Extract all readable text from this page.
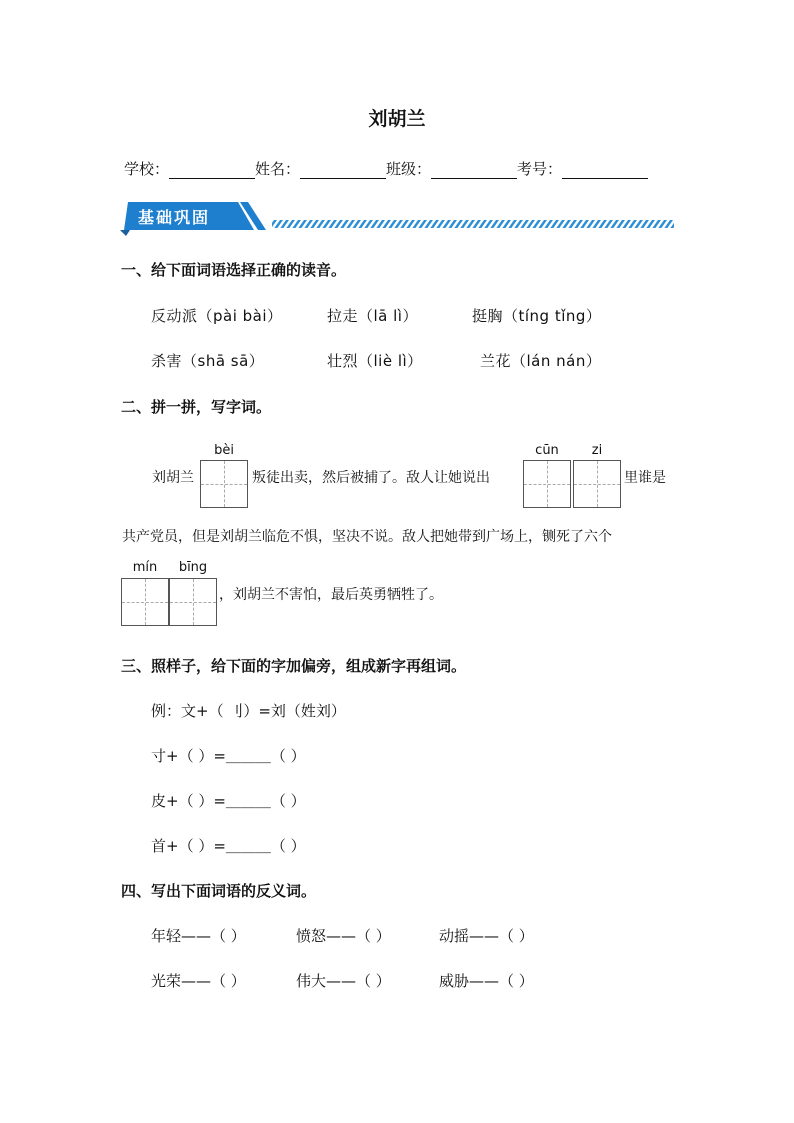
刘胡兰
学校：	姓名：	班级：	考号：
基础巩固
一、给下面词语选择正确的读音。
反动派（pài bài）	拉走（lā lì）	挺胸（tíng tǐng）
杀害（shā sā）	壮烈（liè lì）	兰花（lán nán）
二、拼一拼，写字词。
bèi	cūn	zi
刘胡兰	叛徒出卖，然后被捕了。敌人让她说出	里谁是
共产党员，但是刘胡兰临危不惧，坚决不说。敌人把她带到广场上，铡死了六个
mín	bīng
，刘胡兰不害怕，最后英勇牺牲了。
三、照样子，给下面的字加偏旁，组成新字再组词。
例：文+（ 刂）=刘（姓刘）
寸+（ ）=＿＿＿（ ）
皮+（ ）=＿＿＿（ ）
首+（ ）=＿＿＿（ ）
四、写出下面词语的反义词。
年轻——（ ）	愤怒——（ ）	动摇——（ ）
光荣——（ ）	伟大——（ ）	威胁——（ ）
